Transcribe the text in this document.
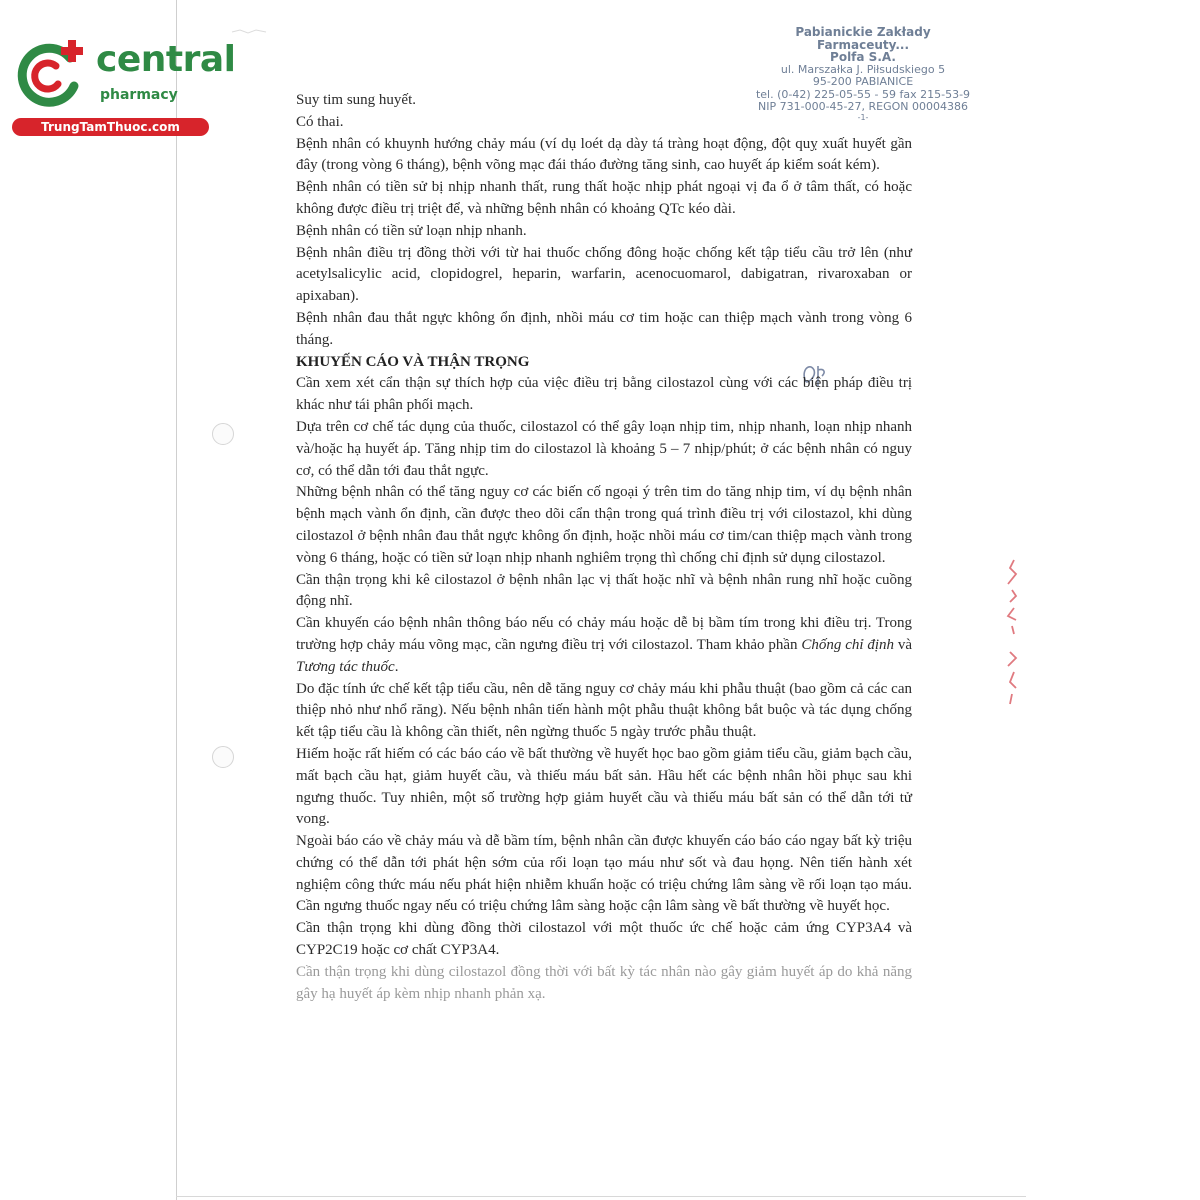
central
pharmacy
TrungTamThuoc.com
Pabianickie Zakłady Farmaceuty...
Polfa S.A.
ul. Marszałka J. Piłsudskiego 5
95-200 PABIANICE
tel. (0-42) 225-05-55 - 59 fax 215-53-9
NIP 731-000-45-27, REGON 00004386
-1-

Suy tim sung huyết.

Có thai.

Bệnh nhân có khuynh hướng chảy máu (ví dụ loét dạ dày tá tràng hoạt động, đột quỵ xuất huyết gần đây (trong vòng 6 tháng), bệnh võng mạc đái tháo đường tăng sinh, cao huyết áp kiểm soát kém).

Bệnh nhân có tiền sử bị nhịp nhanh thất, rung thất hoặc nhịp phát ngoại vị đa ổ ở tâm thất, có hoặc không được điều trị triệt để, và những bệnh nhân có khoảng QTc kéo dài.

Bệnh nhân có tiền sử loạn nhịp nhanh.

Bệnh nhân điều trị đồng thời với từ hai thuốc chống đông hoặc chống kết tập tiểu cầu trở lên (như acetylsalicylic acid, clopidogrel, heparin, warfarin, acenocuomarol, dabigatran, rivaroxaban or apixaban).

Bệnh nhân đau thắt ngực không ổn định, nhồi máu cơ tim hoặc can thiệp mạch vành trong vòng 6 tháng.

KHUYẾN CÁO VÀ THẬN TRỌNG

Cần xem xét cẩn thận sự thích hợp của việc điều trị bằng cilostazol cùng với các biện pháp điều trị khác như tái phân phối mạch.

Dựa trên cơ chế tác dụng của thuốc, cilostazol có thể gây loạn nhịp tim, nhịp nhanh, loạn nhịp nhanh và/hoặc hạ huyết áp. Tăng nhịp tim do cilostazol là khoảng 5 – 7 nhịp/phút; ở các bệnh nhân có nguy cơ, có thể dẫn tới đau thắt ngực.

Những bệnh nhân có thể tăng nguy cơ các biến cố ngoại ý trên tim do tăng nhịp tim, ví dụ bệnh nhân bệnh mạch vành ổn định, cần được theo dõi cẩn thận trong quá trình điều trị với cilostazol, khi dùng cilostazol ở bệnh nhân đau thắt ngực không ổn định, hoặc nhồi máu cơ tim/can thiệp mạch vành trong vòng 6 tháng, hoặc có tiền sử loạn nhịp nhanh nghiêm trọng thì chống chỉ định sử dụng cilostazol.

Cần thận trọng khi kê cilostazol ở bệnh nhân lạc vị thất hoặc nhĩ và bệnh nhân rung nhĩ hoặc cuồng động nhĩ.

Cần khuyến cáo bệnh nhân thông báo nếu có chảy máu hoặc dễ bị bầm tím trong khi điều trị. Trong trường hợp chảy máu võng mạc, cần ngưng điều trị với cilostazol. Tham khảo phần Chống chỉ định và Tương tác thuốc.

Do đặc tính ức chế kết tập tiểu cầu, nên dễ tăng nguy cơ chảy máu khi phẫu thuật (bao gồm cả các can thiệp nhỏ như nhổ răng). Nếu bệnh nhân tiến hành một phẫu thuật không bắt buộc và tác dụng chống kết tập tiểu cầu là không cần thiết, nên ngừng thuốc 5 ngày trước phẫu thuật.

Hiếm hoặc rất hiếm có các báo cáo về bất thường về huyết học bao gồm giảm tiểu cầu, giảm bạch cầu, mất bạch cầu hạt, giảm huyết cầu, và thiếu máu bất sản. Hầu hết các bệnh nhân hồi phục sau khi ngưng thuốc. Tuy nhiên, một số trường hợp giảm huyết cầu và thiếu máu bất sản có thể dẫn tới tử vong.

Ngoài báo cáo về chảy máu và dễ bầm tím, bệnh nhân cần được khuyến cáo báo cáo ngay bất kỳ triệu chứng có thể dẫn tới phát hện sớm của rối loạn tạo máu như sốt và đau họng. Nên tiến hành xét nghiệm công thức máu nếu phát hiện nhiễm khuẩn hoặc có triệu chứng lâm sàng về rối loạn tạo máu. Cần ngưng thuốc ngay nếu có triệu chứng lâm sàng hoặc cận lâm sàng về bất thường về huyết học.

Cần thận trọng khi dùng đồng thời cilostazol với một thuốc ức chế hoặc cảm ứng CYP3A4 và CYP2C19 hoặc cơ chất CYP3A4.

Cần thận trọng khi dùng cilostazol đồng thời với bất kỳ tác nhân nào gây giảm huyết áp do khả năng gây hạ huyết áp kèm nhịp nhanh phản xạ.
